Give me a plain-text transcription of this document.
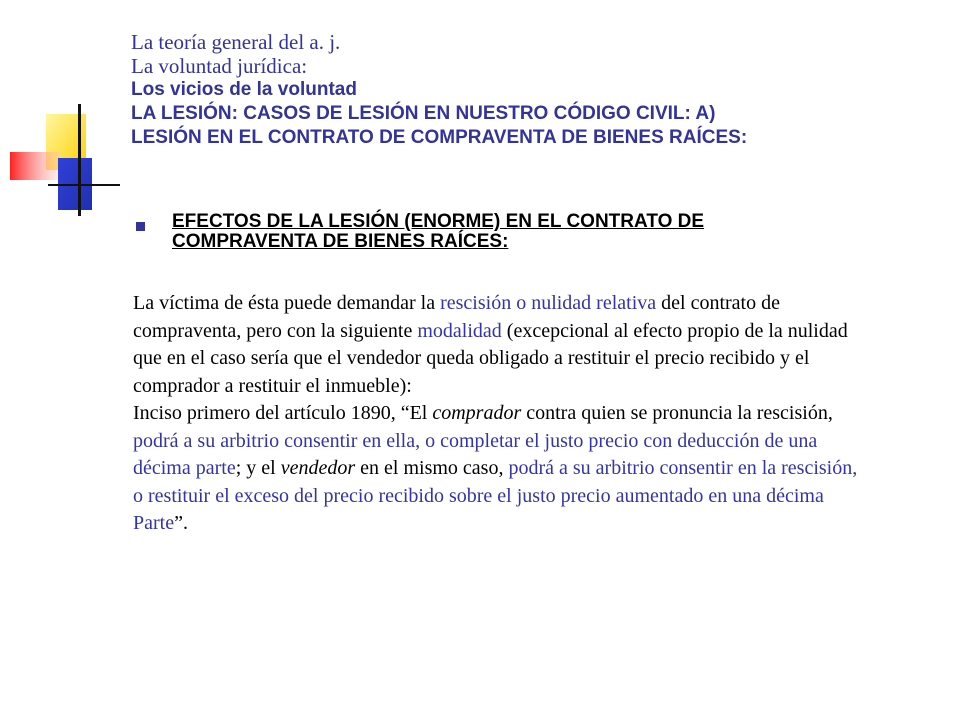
La teoría general del a. j.
La voluntad jurídica:
Los vicios de la voluntad
LA LESIÓN: CASOS DE LESIÓN EN NUESTRO CÓDIGO CIVIL: A)
LESIÓN EN EL CONTRATO DE COMPRAVENTA DE BIENES RAÍCES:
EFECTOS DE LA LESIÓN (ENORME) EN EL CONTRATO DE
COMPRAVENTA DE BIENES RAÍCES:
La víctima de ésta puede demandar la rescisión o nulidad relativa del contrato de compraventa, pero con la siguiente modalidad (excepcional al efecto propio de la nulidad que en el caso sería que el vendedor queda obligado a restituir el precio recibido y el comprador a restituir el inmueble):
Inciso primero del artículo 1890, “El comprador contra quien se pronuncia la rescisión, podrá a su arbitrio consentir en ella, o completar el justo precio con deducción de una décima parte; y el vendedor en el mismo caso, podrá a su arbitrio consentir en la rescisión, o restituir el exceso del precio recibido sobre el justo precio aumentado en una décima Parte”.
